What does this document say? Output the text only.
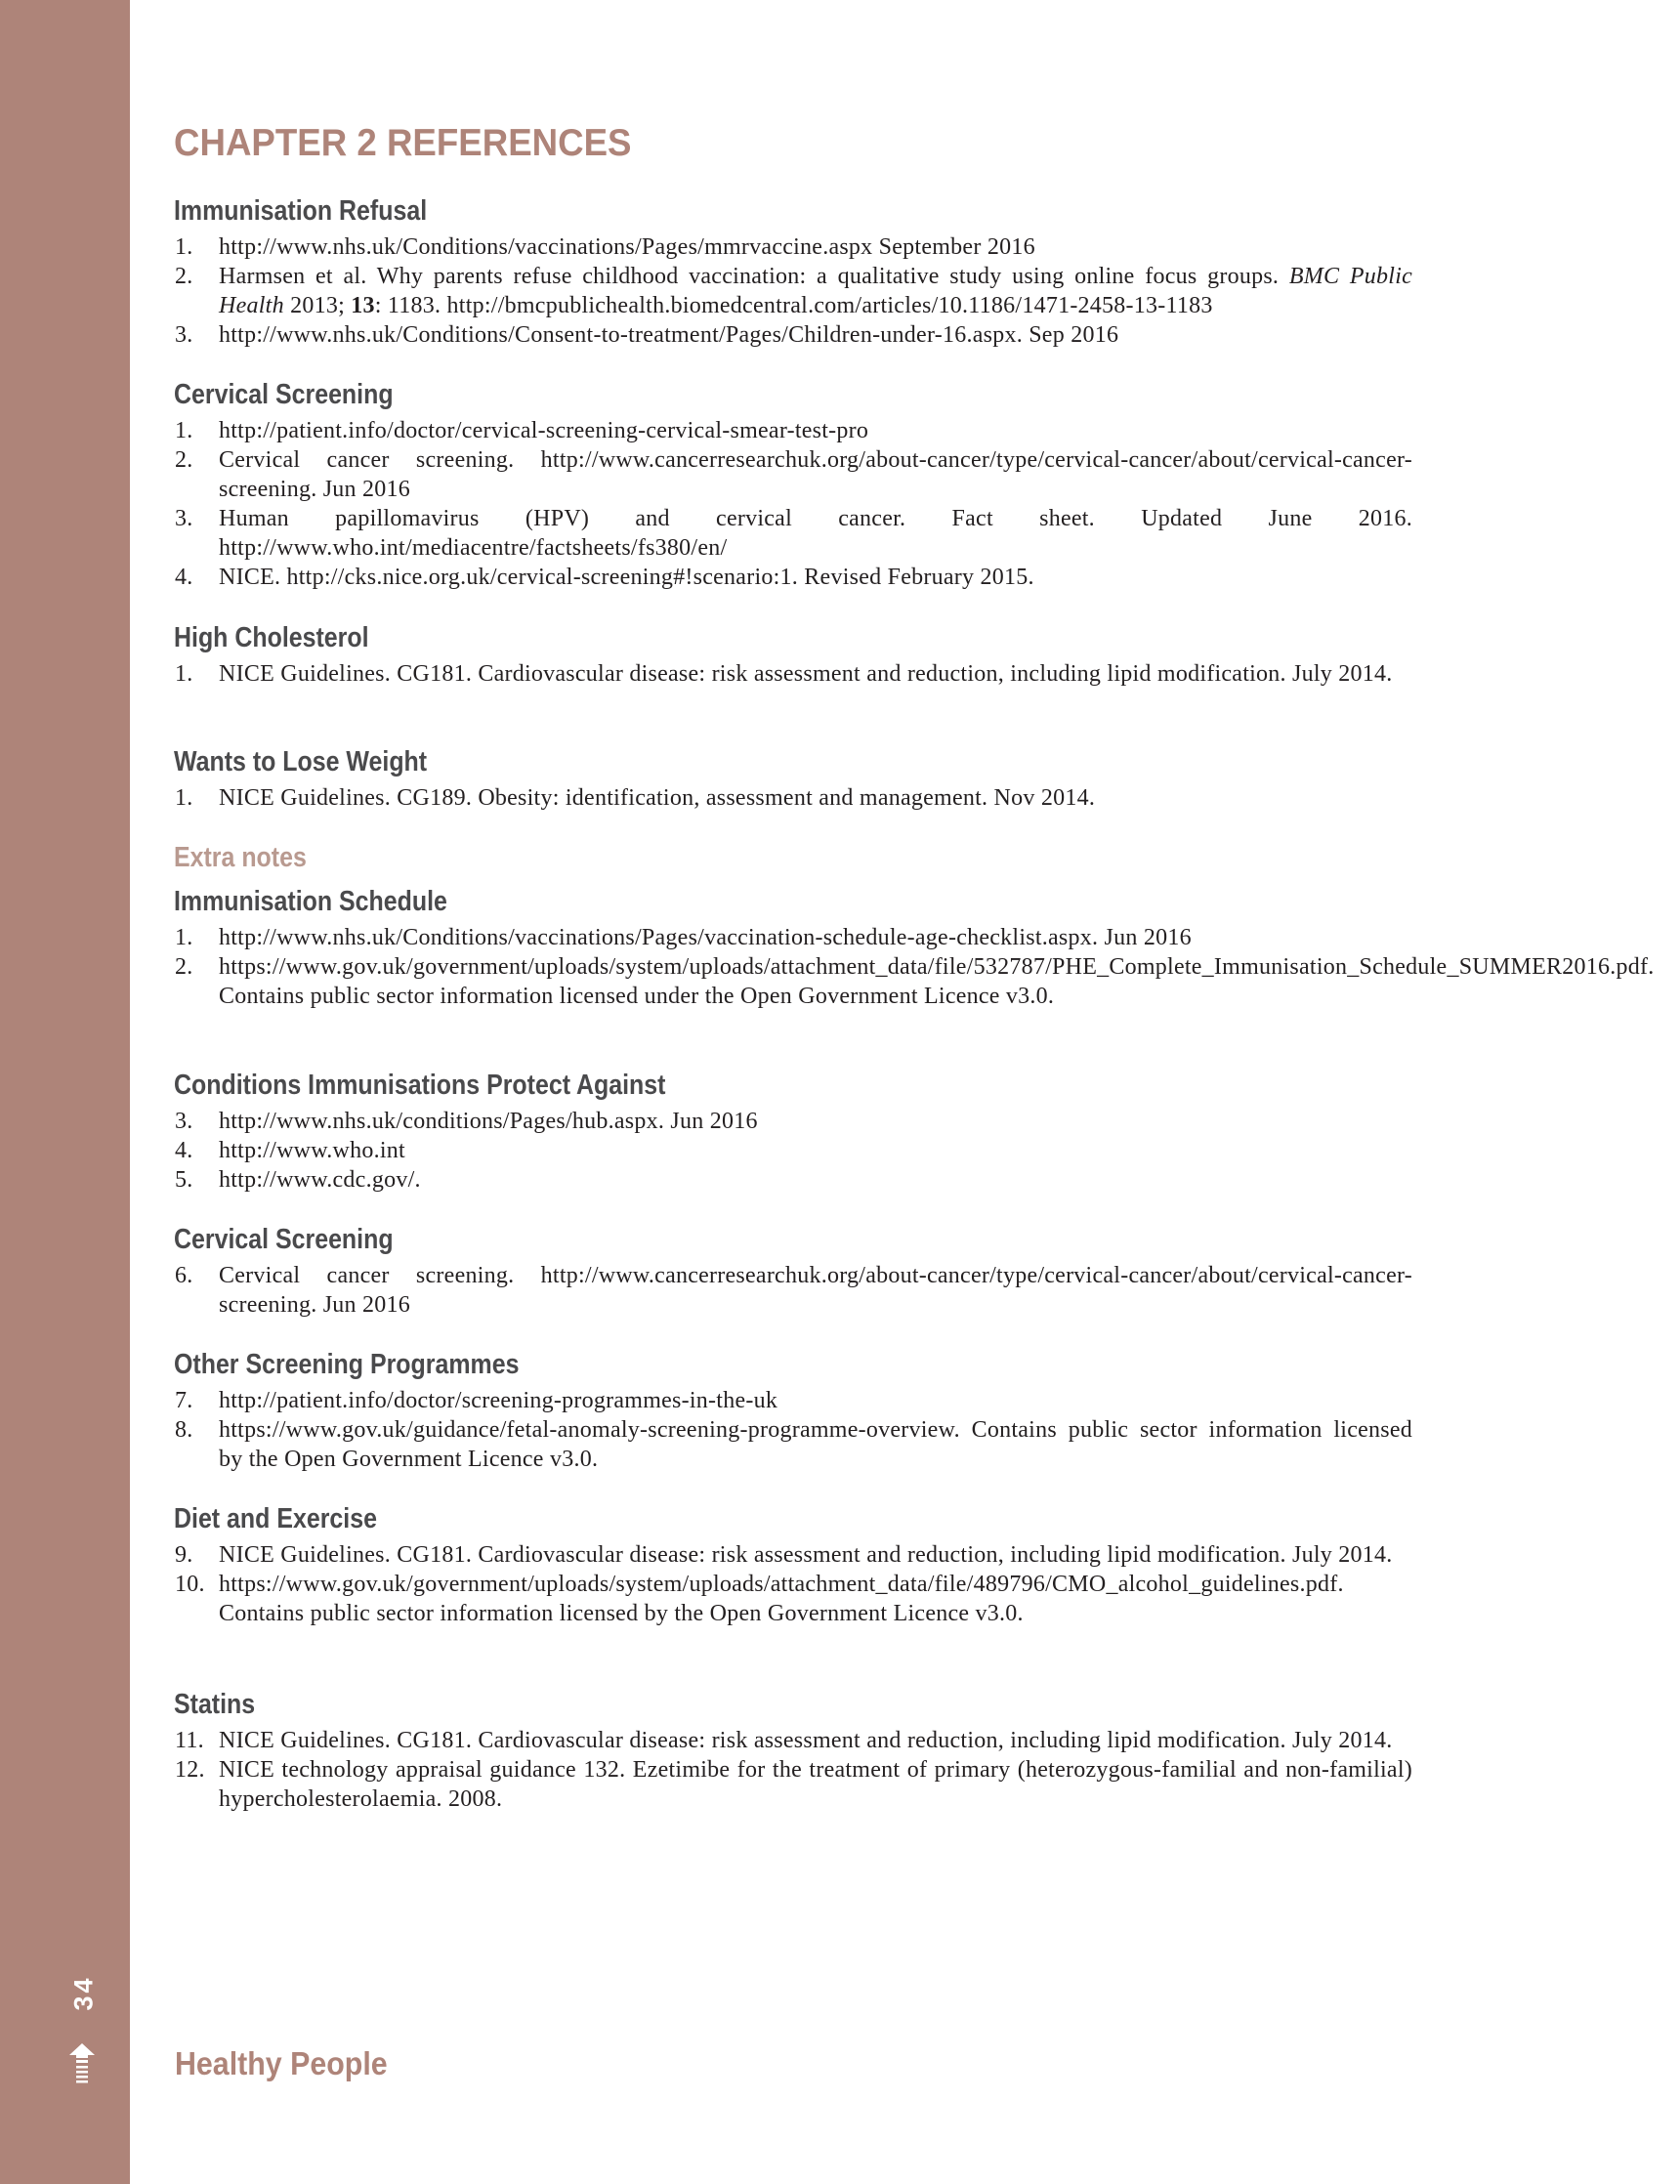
34
CHAPTER 2 REFERENCES
Immunisation Refusal
1. http://www.nhs.uk/Conditions/vaccinations/Pages/mmrvaccine.aspx September 2016
2. Harmsen et al. Why parents refuse childhood vaccination: a qualitative study using online focus groups. BMC Public Health 2013; 13: 1183. http://bmcpublichealth.biomedcentral.com/articles/10.1186/1471-2458-13-1183
3. http://www.nhs.uk/Conditions/Consent-to-treatment/Pages/Children-under-16.aspx. Sep 2016
Cervical Screening
1. http://patient.info/doctor/cervical-screening-cervical-smear-test-pro
2. Cervical cancer screening. http://www.cancerresearchuk.org/about-cancer/type/cervical-cancer/about/cervical-cancer-screening. Jun 2016
3. Human papillomavirus (HPV) and cervical cancer. Fact sheet. Updated June 2016. http://www.who.int/mediacentre/factsheets/fs380/en/
4. NICE. http://cks.nice.org.uk/cervical-screening#!scenario:1. Revised February 2015.
High Cholesterol
1. NICE Guidelines. CG181. Cardiovascular disease: risk assessment and reduction, including lipid modification. July 2014.
Wants to Lose Weight
1. NICE Guidelines. CG189. Obesity: identification, assessment and management. Nov 2014.
Extra notes
Immunisation Schedule
1. http://www.nhs.uk/Conditions/vaccinations/Pages/vaccination-schedule-age-checklist.aspx. Jun 2016
2. https://www.gov.uk/government/uploads/system/uploads/attachment_data/file/532787/PHE_Complete_Immunisation_Schedule_SUMMER2016.pdf. Contains public sector information licensed under the Open Government Licence v3.0.
Conditions Immunisations Protect Against
3. http://www.nhs.uk/conditions/Pages/hub.aspx. Jun 2016
4. http://www.who.int
5. http://www.cdc.gov/.
Cervical Screening
6. Cervical cancer screening. http://www.cancerresearchuk.org/about-cancer/type/cervical-cancer/about/cervical-cancer-screening. Jun 2016
Other Screening Programmes
7. http://patient.info/doctor/screening-programmes-in-the-uk
8. https://www.gov.uk/guidance/fetal-anomaly-screening-programme-overview. Contains public sector information licensed by the Open Government Licence v3.0.
Diet and Exercise
9. NICE Guidelines. CG181. Cardiovascular disease: risk assessment and reduction, including lipid modification. July 2014.
10. https://www.gov.uk/government/uploads/system/uploads/attachment_data/file/489796/CMO_alcohol_guidelines.pdf. Contains public sector information licensed by the Open Government Licence v3.0.
Statins
11. NICE Guidelines. CG181. Cardiovascular disease: risk assessment and reduction, including lipid modification. July 2014.
12. NICE technology appraisal guidance 132. Ezetimibe for the treatment of primary (heterozygous-familial and non-familial) hypercholesterolaemia. 2008.
Healthy People
